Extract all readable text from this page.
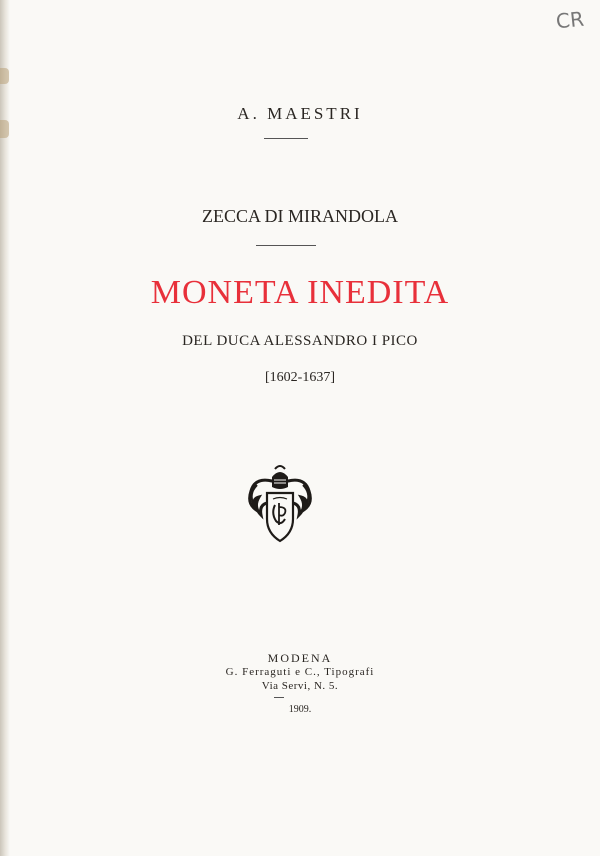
CR
A. MAESTRI
ZECCA DI MIRANDOLA
MONETA INEDITA
DEL DUCA ALESSANDRO I PICO
[1602-1637]
MODENA
G. Ferraguti e C., Tipografi
Via Servi, N. 5.
1909.
